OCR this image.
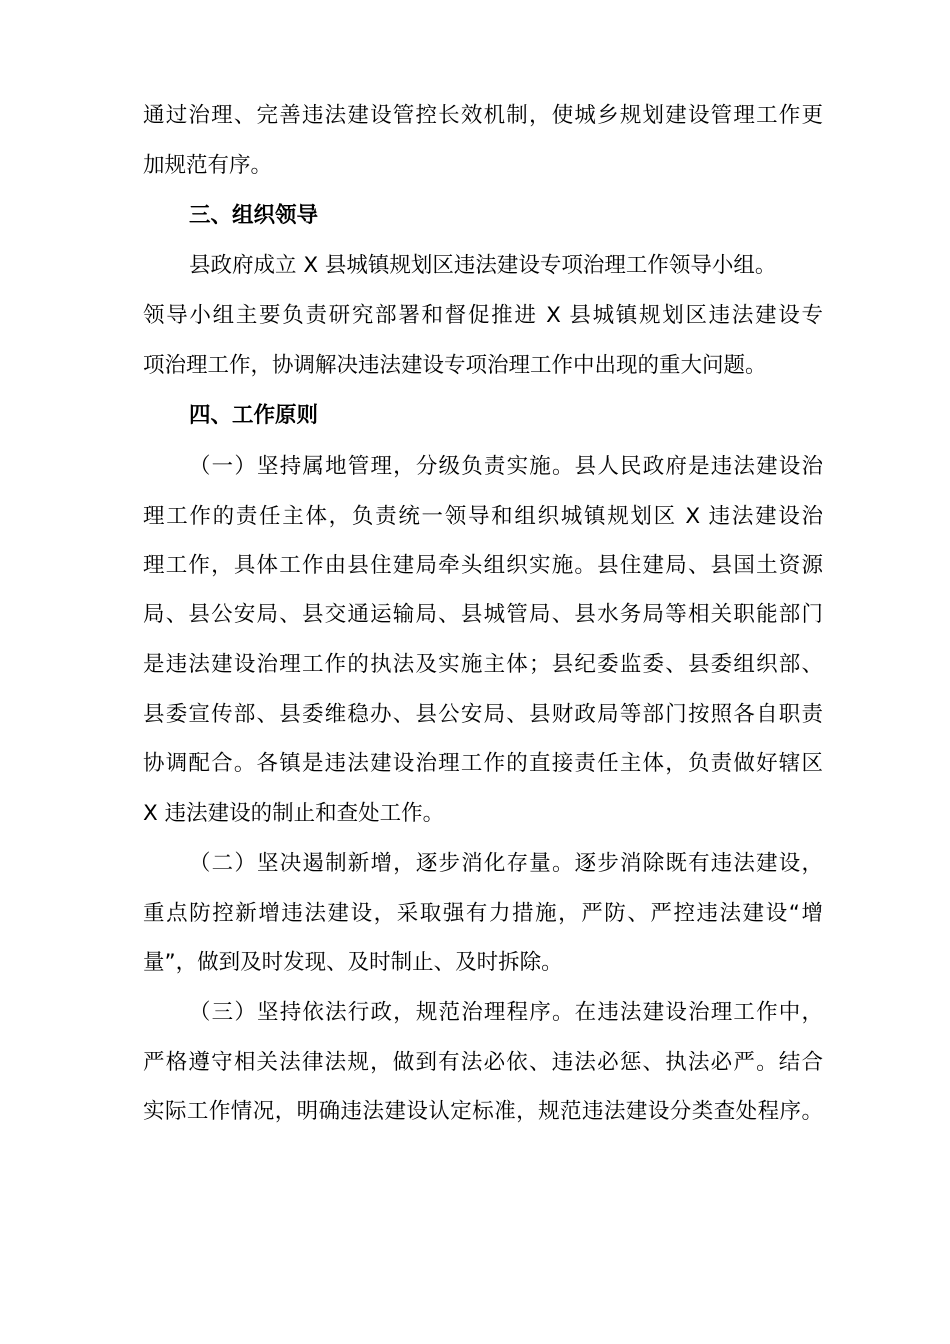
通过治理、完善违法建设管控长效机制，使城乡规划建设管理工作更
加规范有序。
三、组织领导
县政府成立 X 县城镇规划区违法建设专项治理工作领导小组。
领导小组主要负责研究部署和督促推进 X 县城镇规划区违法建设专
项治理工作，协调解决违法建设专项治理工作中出现的重大问题。
四、工作原则
（一）坚持属地管理，分级负责实施。县人民政府是违法建设治
理工作的责任主体，负责统一领导和组织城镇规划区 X 违法建设治
理工作，具体工作由县住建局牵头组织实施。县住建局、县国土资源
局、县公安局、县交通运输局、县城管局、县水务局等相关职能部门
是违法建设治理工作的执法及实施主体；县纪委监委、县委组织部、
县委宣传部、县委维稳办、县公安局、县财政局等部门按照各自职责
协调配合。各镇是违法建设治理工作的直接责任主体，负责做好辖区
X 违法建设的制止和查处工作。
（二）坚决遏制新增，逐步消化存量。逐步消除既有违法建设，
重点防控新增违法建设，采取强有力措施，严防、严控违法建设“增
量”，做到及时发现、及时制止、及时拆除。
（三）坚持依法行政，规范治理程序。在违法建设治理工作中，
严格遵守相关法律法规，做到有法必依、违法必惩、执法必严。结合
实际工作情况，明确违法建设认定标准，规范违法建设分类查处程序。
